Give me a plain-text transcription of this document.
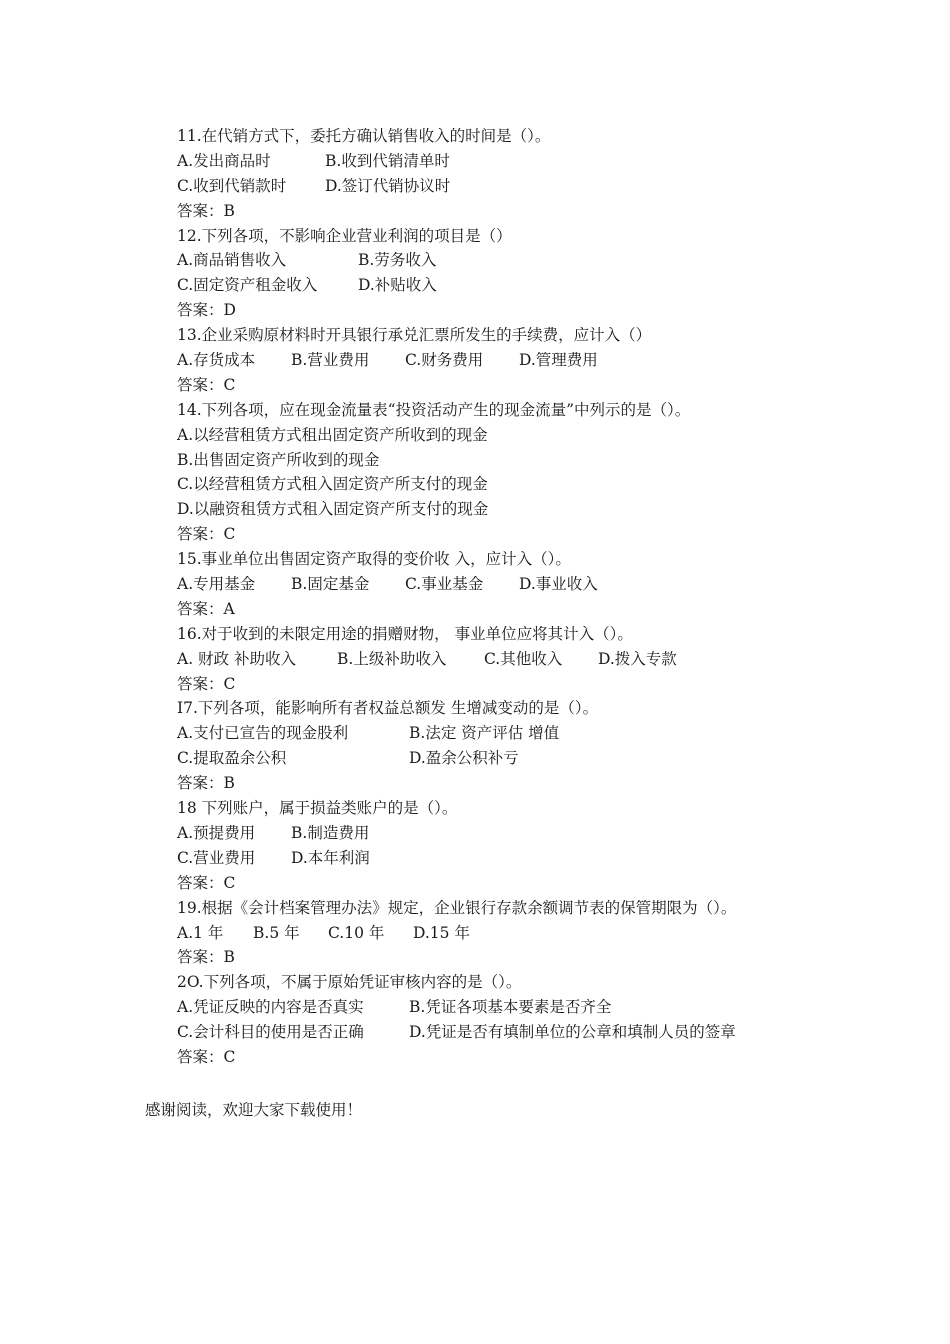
11.在代销方式下，委托方确认销售收入的时间是（）。
A.发出商品时	B.收到代销清单时
C.收到代销款时	D.签订代销协议时
答案：B
12.下列各项，不影响企业营业利润的项目是（）
A.商品销售收入	B.劳务收入
C.固定资产租金收入	D.补贴收入
答案：D
13.企业采购原材料时开具银行承兑汇票所发生的手续费，应计入（）
A.存货成本 B.营业费用 C.财务费用 D.管理费用
答案：C
14.下列各项，应在现金流量表“投资活动产生的现金流量”中列示的是（）。
A.以经营租赁方式租出固定资产所收到的现金
B.出售固定资产所收到的现金
C.以经营租赁方式租入固定资产所支付的现金
D.以融资租赁方式租入固定资产所支付的现金
答案：C
15.事业单位出售固定资产取得的变价收 入，应计入（）。
A.专用基金 B.固定基金 C.事业基金 D.事业收入
答案：A
16.对于收到的未限定用途的捐赠财物， 事业单位应将其计入（）。
A. 财政 补助收入	B.上级补助收入 C.其他收入 D.拨入专款
答案：C
I7.下列各项，能影响所有者权益总额发 生增减变动的是（）。
A.支付已宣告的现金股利	B.法定 资产评估 增值
C.提取盈余公积	D.盈余公积补亏
答案：B
18 下列账户，属于损益类账户的是（）。
A.预提费用 B.制造费用
C.营业费用 D.本年利润
答案：C
19.根据《会计档案管理办法》规定，企业银行存款余额调节表的保管期限为（）。
A.1 年 B.5 年 C.10 年 D.15 年
答案：B
2O.下列各项，不属于原始凭证审核内容的是（）。
A.凭证反映的内容是否真实	B.凭证各项基本要素是否齐全
C.会计科目的使用是否正确	D.凭证是否有填制单位的公章和填制人员的签章
答案：C
感谢阅读，欢迎大家下载使用！
